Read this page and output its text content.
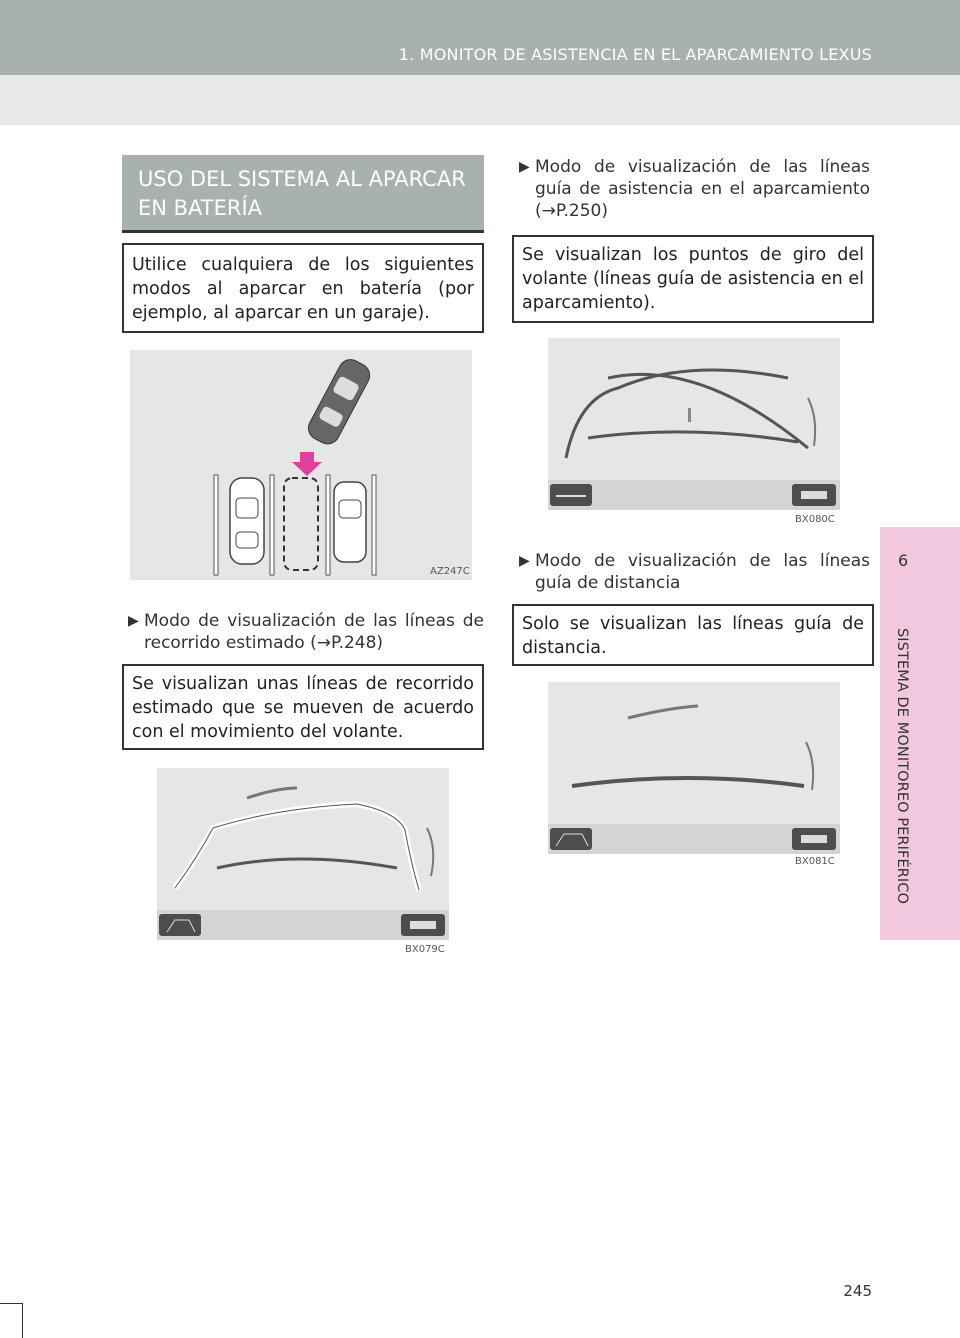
1. MONITOR DE ASISTENCIA EN EL APARCAMIENTO LEXUS
6
SISTEMA DE MONITOREO PERIFÉRICO
USO DEL SISTEMA AL APARCAR EN BATERÍA
Utilice cualquiera de los siguientes modos al aparcar en batería (por ejemplo, al aparcar en un garaje).
AZ247C
▶ Modo de visualización de las líneas de recorrido estimado (→P.248)
Se visualizan unas líneas de recorrido estimado que se mueven de acuerdo con el movimiento del volante.
BX079C
▶ Modo de visualización de las líneas guía de asistencia en el aparcamiento (→P.250)
Se visualizan los puntos de giro del volante (líneas guía de asistencia en el aparcamiento).
BX080C
▶ Modo de visualización de las líneas guía de distancia
Solo se visualizan las líneas guía de distancia.
BX081C
245
